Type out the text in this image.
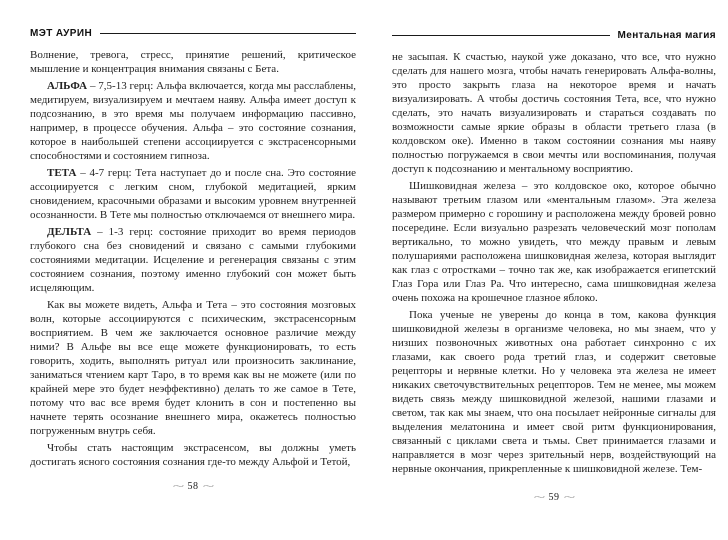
МЭТ АУРИН

Волнение, тревога, стресс, принятие решений, критическое мышление и концентрация внимания связаны с Бета.

АЛЬФА – 7,5-13 герц: Альфа включается, когда мы расслаблены, медитируем, визуализируем и мечтаем наяву. Альфа имеет доступ к подсознанию, в это время мы получаем информацию пассивно, например, в процессе обучения. Альфа – это состояние сознания, которое в наибольшей степени ассоциируется с экстрасенсорными способностями и состоянием гипноза.

ТЕТА – 4-7 герц: Тета наступает до и после сна. Это состояние ассоциируется с легким сном, глубокой медитацией, ярким сновидением, красочными образами и высоким уровнем внутренней осознанности. В Тете мы полностью отключаемся от внешнего мира.

ДЕЛЬТА – 1-3 герц: состояние приходит во время периодов глубокого сна без сновидений и связано с самыми глубокими состояниями медитации. Исцеление и регенерация связаны с этим состоянием сознания, поэтому именно глубокий сон может быть исцеляющим.

Как вы можете видеть, Альфа и Тета – это состояния мозговых волн, которые ассоциируются с психическим, экстрасенсорным восприятием. В чем же заключается основное различие между ними? В Альфе вы все еще можете функционировать, то есть говорить, ходить, выполнять ритуал или произносить заклинание, заниматься чтением карт Таро, в то время как вы не можете (или по крайней мере это будет неэффективно) делать то же самое в Тете, потому что вас все время будет клонить в сон и постепенно вы начнете терять осознание внешнего мира, окажетесь полностью погруженным внутрь себя.

Чтобы стать настоящим экстрасенсом, вы должны уметь достигать ясного состояния сознания где-то между Альфой и Тетой,

~ 58 ~
Ментальная магия

не засыпая. К счастью, наукой уже доказано, что все, что нужно сделать для нашего мозга, чтобы начать генерировать Альфа-волны, это просто закрыть глаза на некоторое время и начать визуализировать. А чтобы достичь состояния Тета, все, что нужно сделать, это начать визуализировать и стараться создавать по возможности самые яркие образы в области третьего глаза (в колдовском оке). Именно в таком состоянии сознания мы наяву полностью погружаемся в свои мечты или воспоминания, получая доступ к подсознанию и ментальному восприятию.

Шишковидная железа – это колдовское око, которое обычно называют третьим глазом или «ментальным глазом». Эта железа размером примерно с горошину и расположена между бровей ровно посередине. Если визуально разрезать человеческий мозг пополам вертикально, то можно увидеть, что между правым и левым полушариями расположена шишковидная железа, которая выглядит как глаз с отростками – точно так же, как изображается египетский Глаз Гора или Глаз Ра. Что интересно, сама шишковидная железа очень похожа на крошечное глазное яблоко.

Пока ученые не уверены до конца в том, какова функция шишковидной железы в организме человека, но мы знаем, что у низших позвоночных животных она работает синхронно с их глазами, как своего рода третий глаз, и содержит световые рецепторы и нервные клетки. Но у человека эта железа не имеет никаких светочувствительных рецепторов. Тем не менее, мы можем видеть связь между шишковидной железой, нашими глазами и светом, так как мы знаем, что она посылает нейронные сигналы для выделения мелатонина и имеет свой ритм функционирования, связанный с циклами света и тьмы. Свет принимается глазами и направляется в мозг через зрительный нерв, воздействующий на нервные окончания, прикрепленные к шишковидной железе. Тем-

~ 59 ~
